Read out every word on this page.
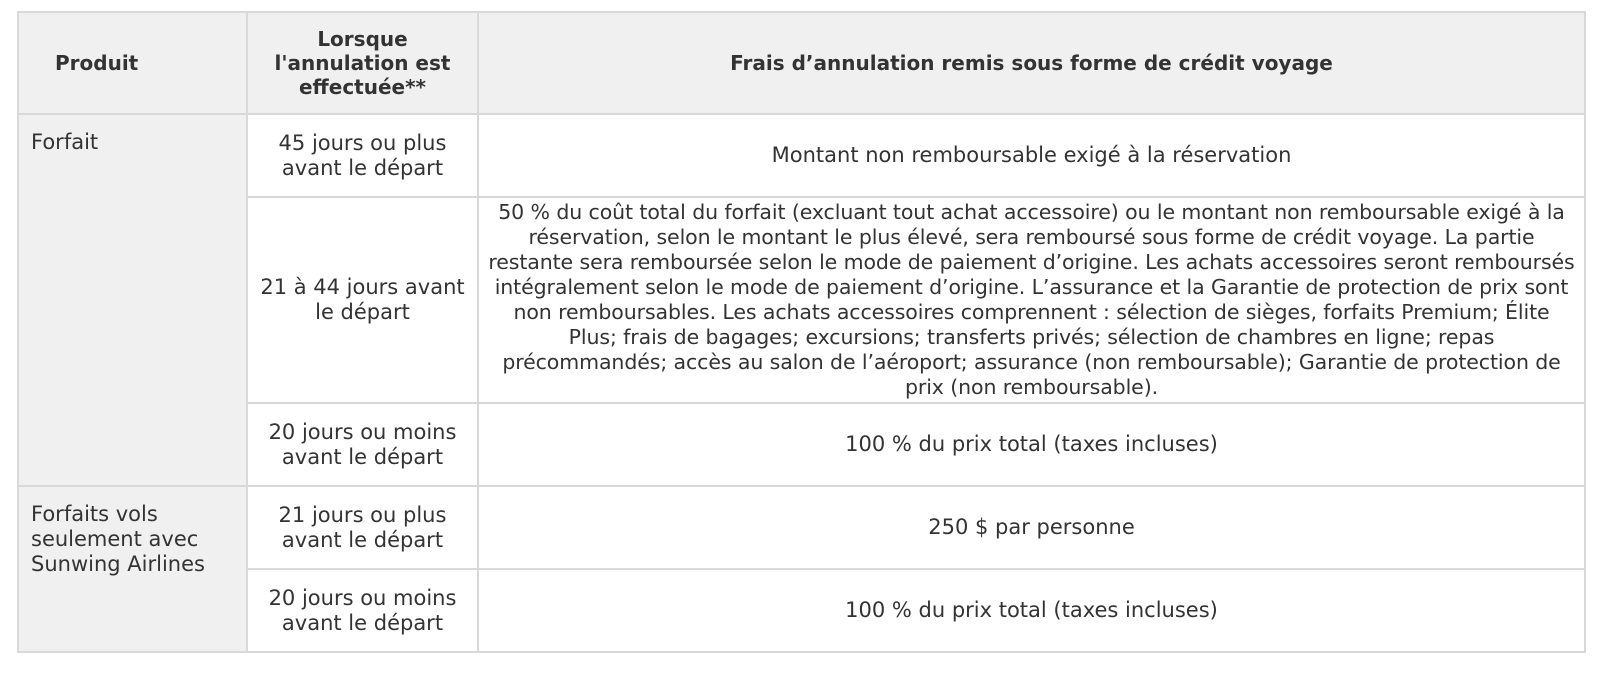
Produit	Lorsque l'annulation est effectuée**	Frais d’annulation remis sous forme de crédit voyage
Forfait	45 jours ou plus avant le départ	Montant non remboursable exigé à la réservation
	21 à 44 jours avant le départ	50 % du coût total du forfait (excluant tout achat accessoire) ou le montant non remboursable exigé à la réservation, selon le montant le plus élevé, sera remboursé sous forme de crédit voyage. La partie restante sera remboursée selon le mode de paiement d’origine. Les achats accessoires seront remboursés intégralement selon le mode de paiement d’origine. L’assurance et la Garantie de protection de prix sont non remboursables. Les achats accessoires comprennent : sélection de sièges, forfaits Premium; Élite Plus; frais de bagages; excursions; transferts privés; sélection de chambres en ligne; repas précommandés; accès au salon de l’aéroport; assurance (non remboursable); Garantie de protection de prix (non remboursable).
	20 jours ou moins avant le départ	100 % du prix total (taxes incluses)
Forfaits vols seulement avec Sunwing Airlines	21 jours ou plus avant le départ	250 $ par personne
	20 jours ou moins avant le départ	100 % du prix total (taxes incluses)
